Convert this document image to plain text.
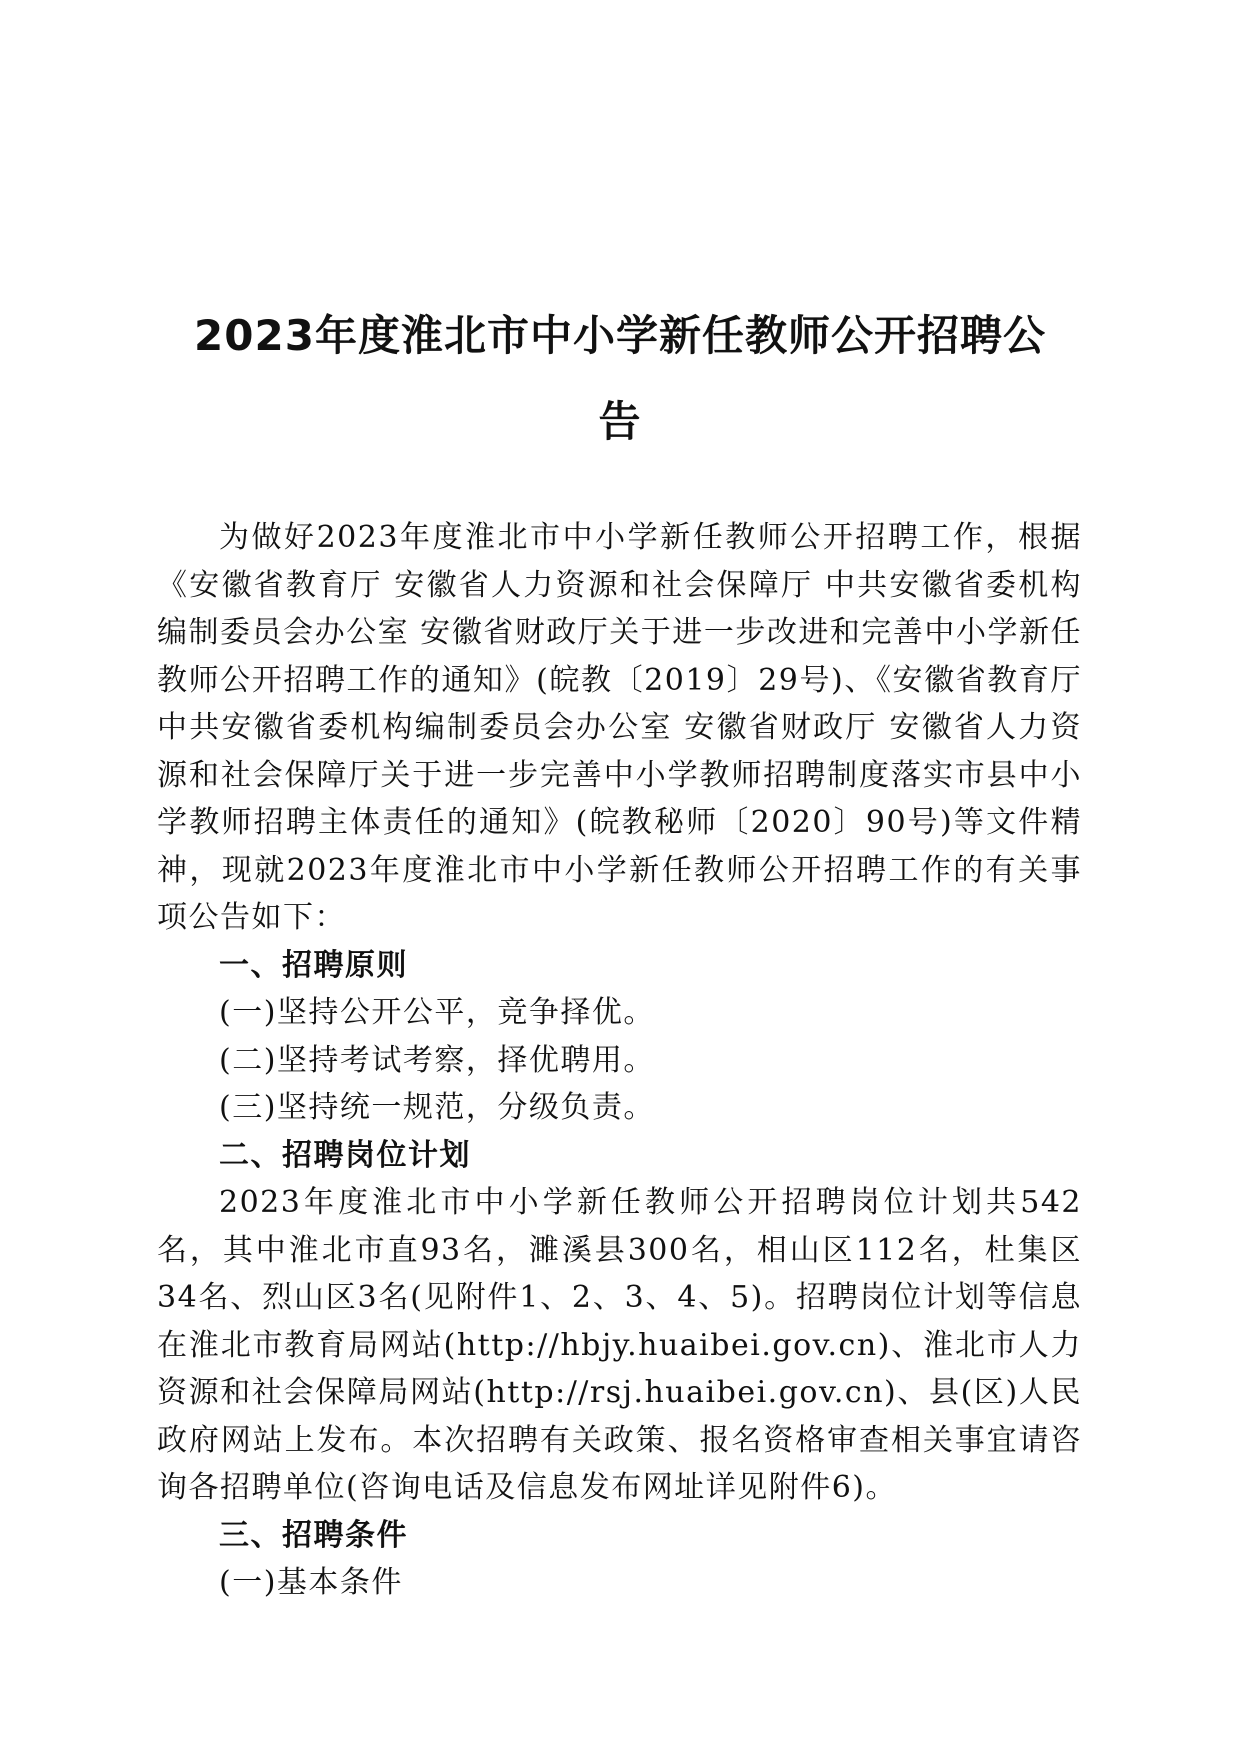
2023年度淮北市中小学新任教师公开招聘公
告

为做好2023年度淮北市中小学新任教师公开招聘工作，根据《安徽省教育厅 安徽省人力资源和社会保障厅 中共安徽省委机构编制委员会办公室 安徽省财政厅关于进一步改进和完善中小学新任教师公开招聘工作的通知》(皖教〔2019〕29号)、《安徽省教育厅 中共安徽省委机构编制委员会办公室 安徽省财政厅 安徽省人力资源和社会保障厅关于进一步完善中小学教师招聘制度落实市县中小学教师招聘主体责任的通知》(皖教秘师〔2020〕90号)等文件精神，现就2023年度淮北市中小学新任教师公开招聘工作的有关事项公告如下：

一、招聘原则

(一)坚持公开公平，竞争择优。

(二)坚持考试考察，择优聘用。

(三)坚持统一规范，分级负责。

二、招聘岗位计划

2023年度淮北市中小学新任教师公开招聘岗位计划共542名，其中淮北市直93名，濉溪县300名，相山区112名，杜集区34名、烈山区3名(见附件1、2、3、4、5)。招聘岗位计划等信息在淮北市教育局网站(http://hbjy.huaibei.gov.cn)、淮北市人力资源和社会保障局网站(http://rsj.huaibei.gov.cn)、县(区)人民政府网站上发布。本次招聘有关政策、报名资格审查相关事宜请咨询各招聘单位(咨询电话及信息发布网址详见附件6)。

三、招聘条件

(一)基本条件
